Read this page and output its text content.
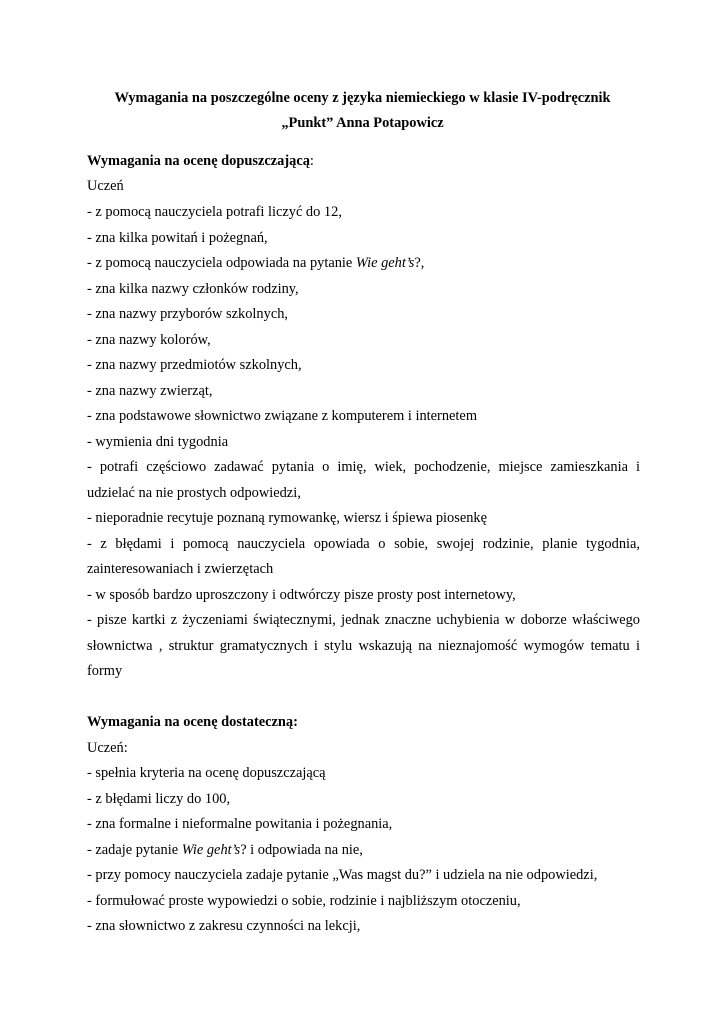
Wymagania na poszczególne oceny z języka niemieckiego w klasie IV-podręcznik
„Punkt” Anna Potapowicz
Wymagania na ocenę dopuszczającą:
Uczeń
- z pomocą nauczyciela potrafi liczyć do 12,
- zna kilka powitań i pożegnań,
- z pomocą nauczyciela odpowiada na pytanie Wie geht’s?,
- zna kilka nazwy członków rodziny,
- zna nazwy przyborów szkolnych,
- zna nazwy kolorów,
- zna nazwy przedmiotów szkolnych,
- zna nazwy zwierząt,
- zna podstawowe słownictwo związane z komputerem i internetem
- wymienia dni tygodnia
- potrafi częściowo zadawać pytania o imię, wiek, pochodzenie, miejsce zamieszkania i
udzielać na nie prostych odpowiedzi,
- nieporadnie recytuje poznaną rymowankę, wiersz i śpiewa piosenkę
- z błędami i pomocą nauczyciela opowiada o sobie, swojej rodzinie, planie tygodnia,
zainteresowaniach i zwierzętach
- w sposób bardzo uproszczony i odtwórczy pisze prosty post internetowy,
- pisze kartki z życzeniami świątecznymi, jednak znaczne uchybienia w doborze właściwego
słownictwa , struktur gramatycznych i stylu wskazują na nieznajomość wymogów tematu i
formy
Wymagania na ocenę dostateczną:
Uczeń:
- spełnia kryteria na ocenę dopuszczającą
- z błędami liczy do 100,
- zna formalne i nieformalne powitania i pożegnania,
- zadaje pytanie Wie geht’s? i odpowiada na nie,
- przy pomocy nauczyciela zadaje pytanie „Was magst du?” i udziela na nie odpowiedzi,
- formułować proste wypowiedzi o sobie, rodzinie i najbliższym otoczeniu,
- zna słownictwo z zakresu czynności na lekcji,
